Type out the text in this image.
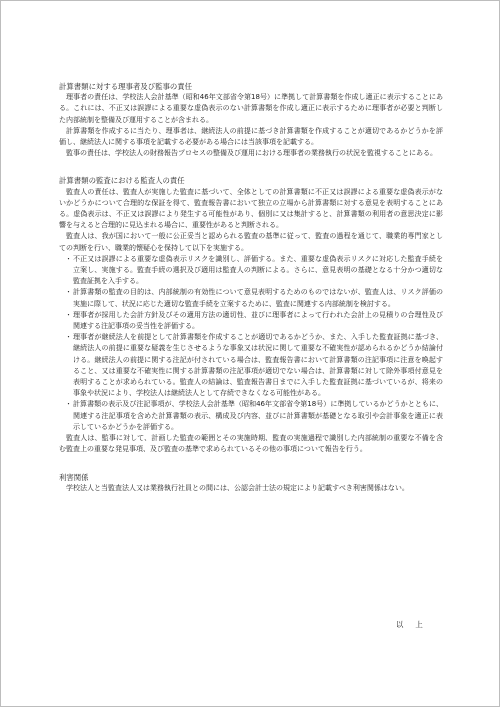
計算書類に対する理事者及び監事の責任

理事者の責任は、学校法人会計基準（昭和46年文部省令第18号）に準拠して計算書類を作成し適正に表示することにある。これには、不正又は誤謬による重要な虚偽表示のない計算書類を作成し適正に表示するために理事者が必要と判断した内部統制を整備及び運用することが含まれる。

計算書類を作成するに当たり、理事者は、継続法人の前提に基づき計算書類を作成することが適切であるかどうかを評価し、継続法人に関する事項を記載する必要がある場合には当該事項を記載する。

監事の責任は、学校法人の財務報告プロセスの整備及び運用における理事者の業務執行の状況を監視することにある。

計算書類の監査における監査人の責任

監査人の責任は、監査人が実施した監査に基づいて、全体としての計算書類に不正又は誤謬による重要な虚偽表示がないかどうかについて合理的な保証を得て、監査報告書において独立の立場から計算書類に対する意見を表明することにある。虚偽表示は、不正又は誤謬により発生する可能性があり、個別に又は集計すると、計算書類の利用者の意思決定に影響を与えると合理的に見込まれる場合に、重要性があると判断される。

監査人は、我が国において一般に公正妥当と認められる監査の基準に従って、監査の過程を通じて、職業的専門家としての判断を行い、職業的懐疑心を保持して以下を実施する。

・ 不正又は誤謬による重要な虚偽表示リスクを識別し、評価する。また、重要な虚偽表示リスクに対応した監査手続を立案し、実施する。監査手続の選択及び適用は監査人の判断による。さらに、意見表明の基礎となる十分かつ適切な監査証拠を入手する。
・ 計算書類の監査の目的は、内部統制の有効性について意見表明するためのものではないが、監査人は、リスク評価の実施に際して、状況に応じた適切な監査手続を立案するために、監査に関連する内部統制を検討する。
・ 理事者が採用した会計方針及びその適用方法の適切性、並びに理事者によって行われた会計上の見積りの合理性及び関連する注記事項の妥当性を評価する。
・ 理事者が継続法人を前提として計算書類を作成することが適切であるかどうか、また、入手した監査証拠に基づき、継続法人の前提に重要な疑義を生じさせるような事象又は状況に関して重要な不確実性が認められるかどうか結論付ける。継続法人の前提に関する注記が付されている場合は、監査報告書において計算書類の注記事項に注意を喚起すること、又は重要な不確実性に関する計算書類の注記事項が適切でない場合は、計算書類に対して除外事項付意見を表明することが求められている。監査人の結論は、監査報告書日までに入手した監査証拠に基づいているが、将来の事象や状況により、学校法人は継続法人として存続できなくなる可能性がある。
・ 計算書類の表示及び注記事項が、学校法人会計基準（昭和46年文部省令第18号）に準拠しているかどうかとともに、関連する注記事項を含めた計算書類の表示、構成及び内容、並びに計算書類が基礎となる取引や会計事象を適正に表示しているかどうかを評価する。

監査人は、監事に対して、計画した監査の範囲とその実施時期、監査の実施過程で識別した内部統制の重要な不備を含む監査上の重要な発見事項、及び監査の基準で求められているその他の事項について報告を行う。

利害関係

学校法人と当監査法人又は業務執行社員との間には、公認会計士法の規定により記載すべき利害関係はない。

以上
